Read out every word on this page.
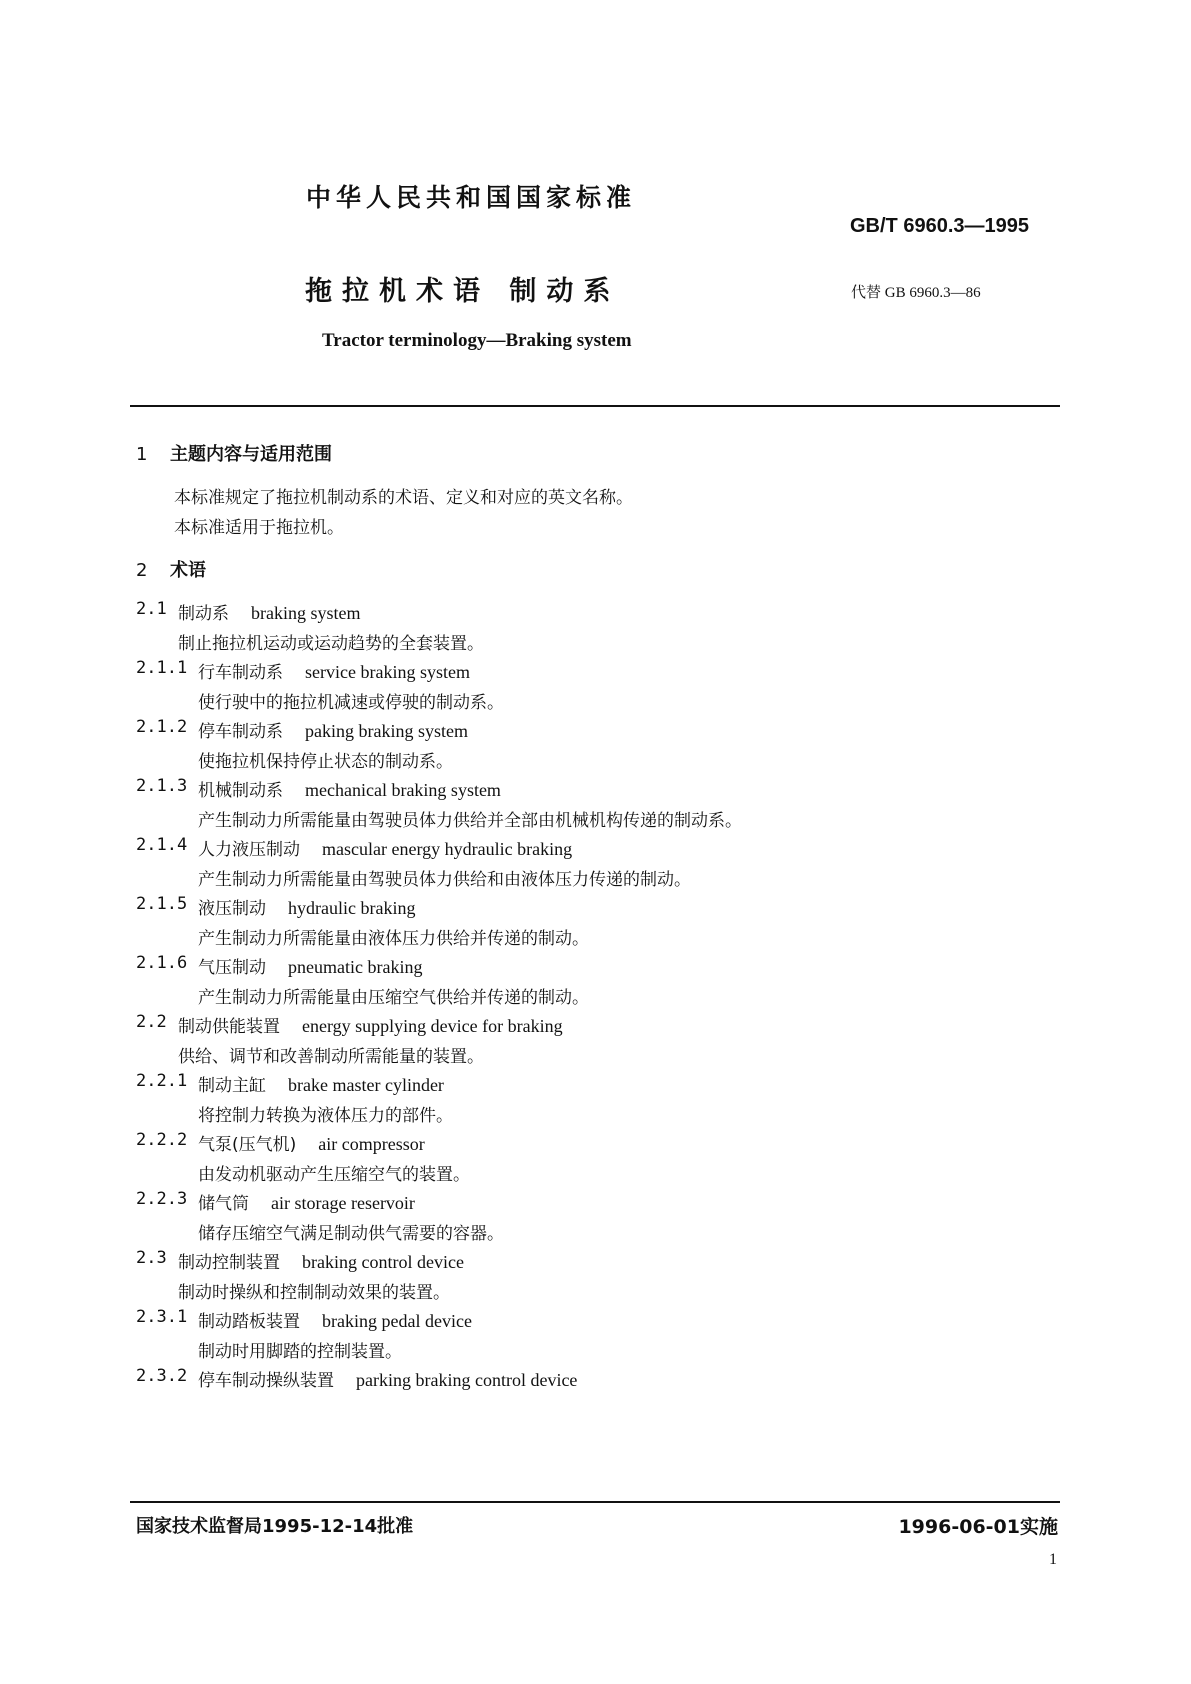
中华人民共和国国家标准
GB/T 6960.3—1995
拖拉机术语 制动系	代替 GB 6960.3—86
Tractor terminology—Braking system
1 主题内容与适用范围
本标准规定了拖拉机制动系的术语、定义和对应的英文名称。
本标准适用于拖拉机。
2 术语
2.1 制动系 braking system
制止拖拉机运动或运动趋势的全套装置。
2.1.1 行车制动系 service braking system
使行驶中的拖拉机减速或停驶的制动系。
2.1.2 停车制动系 paking braking system
使拖拉机保持停止状态的制动系。
2.1.3 机械制动系 mechanical braking system
产生制动力所需能量由驾驶员体力供给并全部由机械机构传递的制动系。
2.1.4 人力液压制动 mascular energy hydraulic braking
产生制动力所需能量由驾驶员体力供给和由液体压力传递的制动。
2.1.5 液压制动 hydraulic braking
产生制动力所需能量由液体压力供给并传递的制动。
2.1.6 气压制动 pneumatic braking
产生制动力所需能量由压缩空气供给并传递的制动。
2.2 制动供能装置 energy supplying device for braking
供给、调节和改善制动所需能量的装置。
2.2.1 制动主缸 brake master cylinder
将控制力转换为液体压力的部件。
2.2.2 气泵(压气机) air compressor
由发动机驱动产生压缩空气的装置。
2.2.3 储气筒 air storage reservoir
储存压缩空气满足制动供气需要的容器。
2.3 制动控制装置 braking control device
制动时操纵和控制制动效果的装置。
2.3.1 制动踏板装置 braking pedal device
制动时用脚踏的控制装置。
2.3.2 停车制动操纵装置 parking braking control device
国家技术监督局1995-12-14批准	1996-06-01实施
1
